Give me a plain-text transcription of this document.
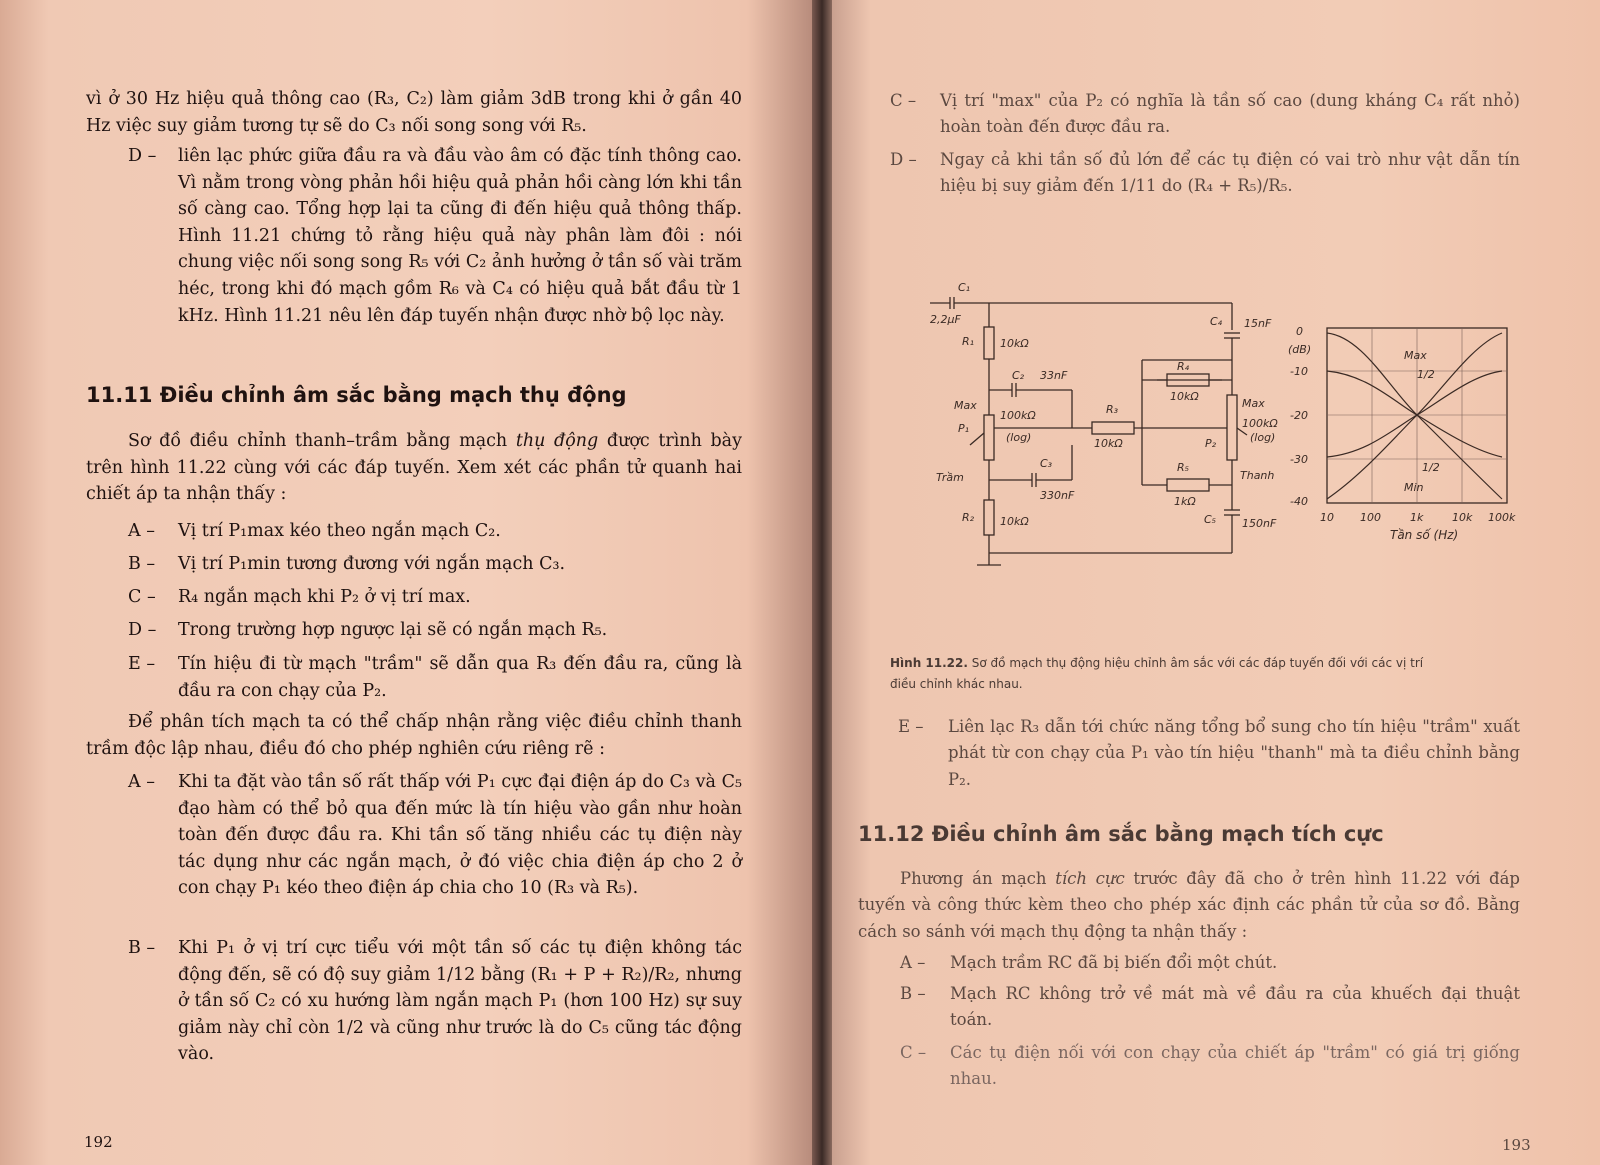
vì ở 30 Hz hiệu quả thông cao (R₃, C₂) làm giảm 3dB trong khi ở gần 40 Hz việc suy giảm tương tự sẽ do C₃ nối song song với R₅.

D – liên lạc phức giữa đầu ra và đầu vào âm có đặc tính thông cao. Vì nằm trong vòng phản hồi hiệu quả phản hồi càng lớn khi tần số càng cao. Tổng hợp lại ta cũng đi đến hiệu quả thông thấp. Hình 11.21 chứng tỏ rằng hiệu quả này phân làm đôi : nói chung việc nối song song R₅ với C₂ ảnh hưởng ở tần số vài trăm héc, trong khi đó mạch gồm R₆ và C₄ có hiệu quả bắt đầu từ 1 kHz. Hình 11.21 nêu lên đáp tuyến nhận được nhờ bộ lọc này.
11.11 Điều chỉnh âm sắc bằng mạch thụ động

Sơ đồ điều chỉnh thanh–trầm bằng mạch thụ động được trình bày trên hình 11.22 cùng với các đáp tuyến. Xem xét các phần tử quanh hai chiết áp ta nhận thấy :

A – Vị trí P₁max kéo theo ngắn mạch C₂.
B – Vị trí P₁min tương đương với ngắn mạch C₃.
C – R₄ ngắn mạch khi P₂ ở vị trí max.
D – Trong trường hợp ngược lại sẽ có ngắn mạch R₅.
E – Tín hiệu đi từ mạch "trầm" sẽ dẫn qua R₃ đến đầu ra, cũng là đầu ra con chạy của P₂.

Để phân tích mạch ta có thể chấp nhận rằng việc điều chỉnh thanh trầm độc lập nhau, điều đó cho phép nghiên cứu riêng rẽ :

A – Khi ta đặt vào tần số rất thấp với P₁ cực đại điện áp do C₃ và C₅ đạo hàm có thể bỏ qua đến mức là tín hiệu vào gần như hoàn toàn đến được đầu ra. Khi tần số tăng nhiều các tụ điện này tác dụng như các ngắn mạch, ở đó việc chia điện áp cho 2 ở con chạy P₁ kéo theo điện áp chia cho 10 (R₃ và R₅).
B – Khi P₁ ở vị trí cực tiểu với một tần số các tụ điện không tác động đến, sẽ có độ suy giảm 1/12 bằng (R₁ + P + R₂)/R₂, nhưng ở tần số C₂ có xu hướng làm ngắn mạch P₁ (hơn 100 Hz) sự suy giảm này chỉ còn 1/2 và cũng như trước là do C₅ cũng tác động vào.
192
C – Vị trí "max" của P₂ có nghĩa là tần số cao (dung kháng C₄ rất nhỏ) hoàn toàn đến được đầu ra.
D – Ngay cả khi tần số đủ lớn để các tụ điện có vai trò như vật dẫn tín hiệu bị suy giảm đến 1/11 do (R₄ + R₅)/R₅.
C₁
2,2µF
R₁ 10kΩ
C₂ 33nF
Max
P₁
100kΩ
(log)
C₃
330nF
Trầm
R₂ 10kΩ
R₃
10kΩ
R₄
10kΩ
R₅
1kΩ
C₄ 15nF
Max
P₂
100kΩ
(log)
Thanh
C₅ 150nF
0
(dB)
-10
-20
-30
-40
10 100	1k	10k 100k
Tần số (Hz)
Max
1/2
1/2
Min
Hình 11.22. Sơ đồ mạch thụ động hiệu chỉnh âm sắc với các đáp tuyến đối với các vị trí điều chỉnh khác nhau.
E – Liên lạc R₃ dẫn tới chức năng tổng bổ sung cho tín hiệu "trầm" xuất phát từ con chạy của P₁ vào tín hiệu "thanh" mà ta điều chỉnh bằng P₂.
11.12 Điều chỉnh âm sắc bằng mạch tích cực

Phương án mạch tích cực trước đây đã cho ở trên hình 11.22 với đáp tuyến và công thức kèm theo cho phép xác định các phần tử của sơ đồ. Bằng cách so sánh với mạch thụ động ta nhận thấy :

A – Mạch trầm RC đã bị biến đổi một chút.
B – Mạch RC không trở về mát mà về đầu ra của khuếch đại thuật toán.
C – Các tụ điện nối với con chạy của chiết áp "trầm" có giá trị giống nhau.
193
